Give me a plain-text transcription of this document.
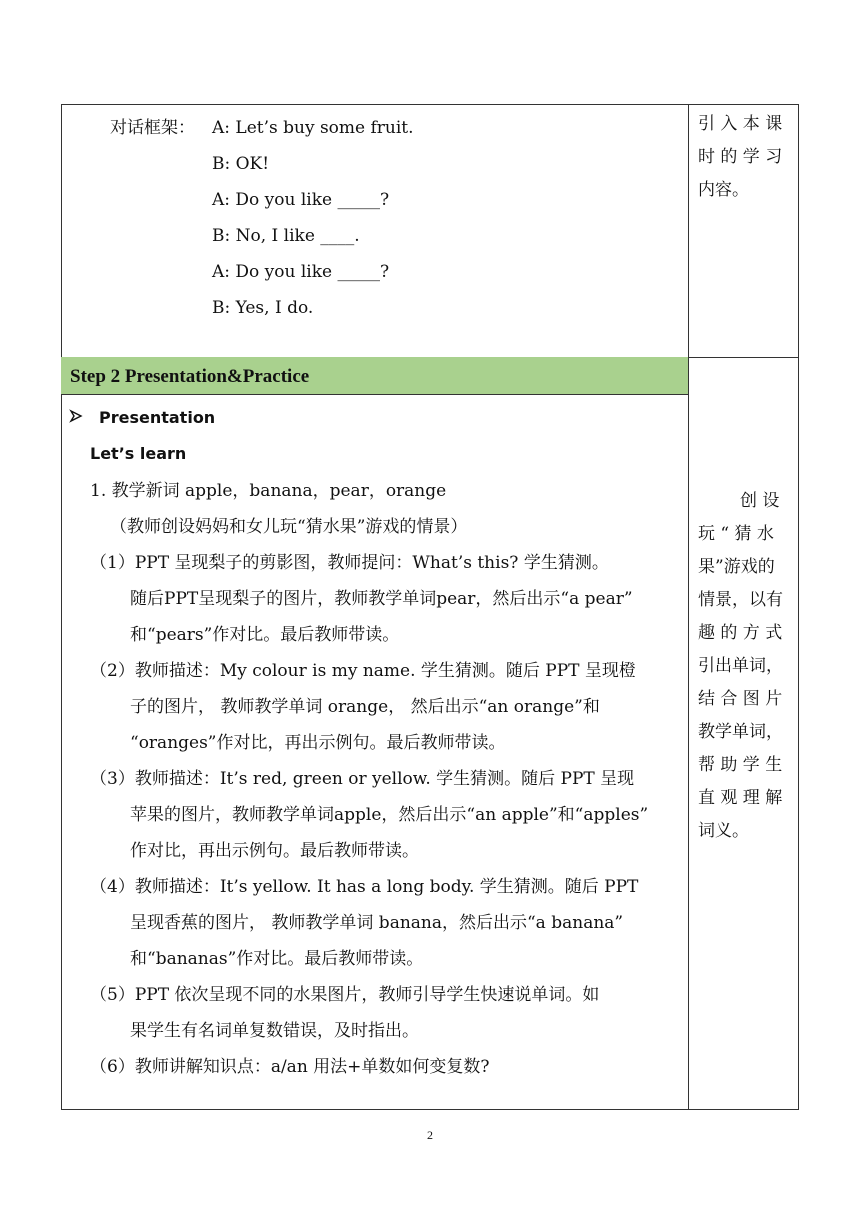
对话框架： A: Let’s buy some fruit.
B: OK!
A: Do you like _____?
B: No, I like ____.
A: Do you like _____?
B: Yes, I do.
引 入 本 课
时 的 学 习
内容。
Step 2 Presentation&Practice
Presentation
Let’s learn
1. 教学新词 apple，banana，pear，orange
（教师创设妈妈和女儿玩“猜水果”游戏的情景）
（1）PPT 呈现梨子的剪影图，教师提问：What’s this? 学生猜测。
随后PPT呈现梨子的图片，教师教学单词pear，然后出示“a pear”
和“pears”作对比。最后教师带读。
（2）教师描述：My colour is my name. 学生猜测。随后 PPT 呈现橙
子的图片， 教师教学单词 orange， 然后出示“an orange”和
“oranges”作对比，再出示例句。最后教师带读。
（3）教师描述：It’s red, green or yellow. 学生猜测。随后 PPT 呈现
苹果的图片，教师教学单词apple，然后出示“an apple”和“apples”
作对比，再出示例句。最后教师带读。
（4）教师描述：It’s yellow. It has a long body. 学生猜测。随后 PPT
呈现香蕉的图片， 教师教学单词 banana，然后出示“a banana”
和“bananas”作对比。最后教师带读。
（5）PPT 依次呈现不同的水果图片，教师引导学生快速说单词。如
果学生有名词单复数错误，及时指出。
（6）教师讲解知识点：a/an 用法+单数如何变复数?
创 设
玩 “ 猜 水
果”游戏的
情景，以有
趣 的 方 式
引出单词，
结 合 图 片
教学单词，
帮 助 学 生
直 观 理 解
词义。
2
